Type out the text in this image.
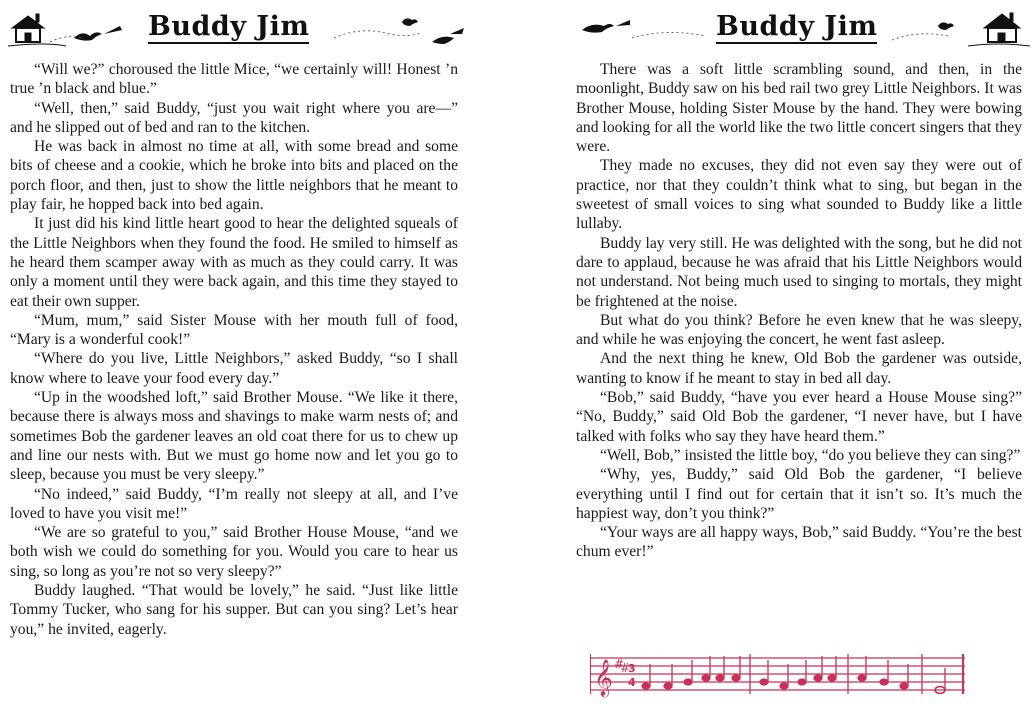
Buddy Jim

“Will we?” choroused the little Mice, “we certainly will! Honest ’n true ’n black and blue.”

“Well, then,” said Buddy, “just you wait right where you are—” and he slipped out of bed and ran to the kitchen.

He was back in almost no time at all, with some bread and some bits of cheese and a cookie, which he broke into bits and placed on the porch floor, and then, just to show the little neighbors that he meant to play fair, he hopped back into bed again.

It just did his kind little heart good to hear the delighted squeals of the Little Neighbors when they found the food. He smiled to himself as he heard them scamper away with as much as they could carry. It was only a moment until they were back again, and this time they stayed to eat their own supper.

“Mum, mum,” said Sister Mouse with her mouth full of food, “Mary is a wonderful cook!”

“Where do you live, Little Neighbors,” asked Buddy, “so I shall know where to leave your food every day.”

“Up in the woodshed loft,” said Brother Mouse. “We like it there, because there is always moss and shavings to make warm nests of; and sometimes Bob the gardener leaves an old coat there for us to chew up and line our nests with. But we must go home now and let you go to sleep, because you must be very sleepy.”

“No indeed,” said Buddy, “I’m really not sleepy at all, and I’ve loved to have you visit me!”

“We are so grateful to you,” said Brother House Mouse, “and we both wish we could do something for you. Would you care to hear us sing, so long as you’re not so very sleepy?”

Buddy laughed. “That would be lovely,” he said. “Just like little Tommy Tucker, who sang for his supper. But can you sing? Let’s hear you,” he invited, eagerly.

Buddy Jim

There was a soft little scrambling sound, and then, in the moonlight, Buddy saw on his bed rail two grey Little Neighbors. It was Brother Mouse, holding Sister Mouse by the hand. They were bowing and looking for all the world like the two little concert singers that they were.

They made no excuses, they did not even say they were out of practice, nor that they couldn’t think what to sing, but began in the sweetest of small voices to sing what sounded to Buddy like a little lullaby.

Buddy lay very still. He was delighted with the song, but he did not dare to applaud, because he was afraid that his Little Neighbors would not understand. Not being much used to singing to mortals, they might be frightened at the noise.

But what do you think? Before he even knew that he was sleepy, and while he was enjoying the concert, he went fast asleep.

And the next thing he knew, Old Bob the gardener was outside, wanting to know if he meant to stay in bed all day.

“Bob,” said Buddy, “have you ever heard a House Mouse sing?” “No, Buddy,” said Old Bob the gardener, “I never have, but I have talked with folks who say they have heard them.”

“Well, Bob,” insisted the little boy, “do you believe they can sing?”

“Why, yes, Buddy,” said Old Bob the gardener, “I believe everything until I find out for certain that it isn’t so. It’s much the happiest way, don’t you think?”

“Your ways are all happy ways, Bob,” said Buddy. “You’re the best chum ever!”

𝄞 #
#
3
4
